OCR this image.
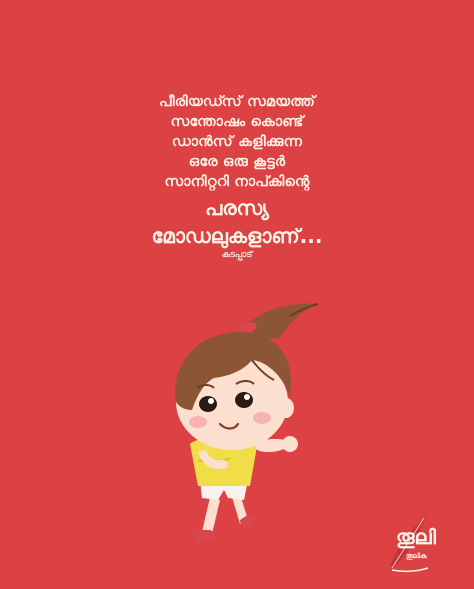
പീരിയഡ്സ് സമയത്ത്
സന്തോഷം കൊണ്ട്
ഡാൻസ് കളിക്കുന്ന
ഒരേ ഒരു കൂട്ടർ
സാനിറ്ററി നാപ്കിന്റെ
പരസ്യ
മോഡലുകളാണ്...
കടപ്പാട്
തൂലി
തൂലിക
